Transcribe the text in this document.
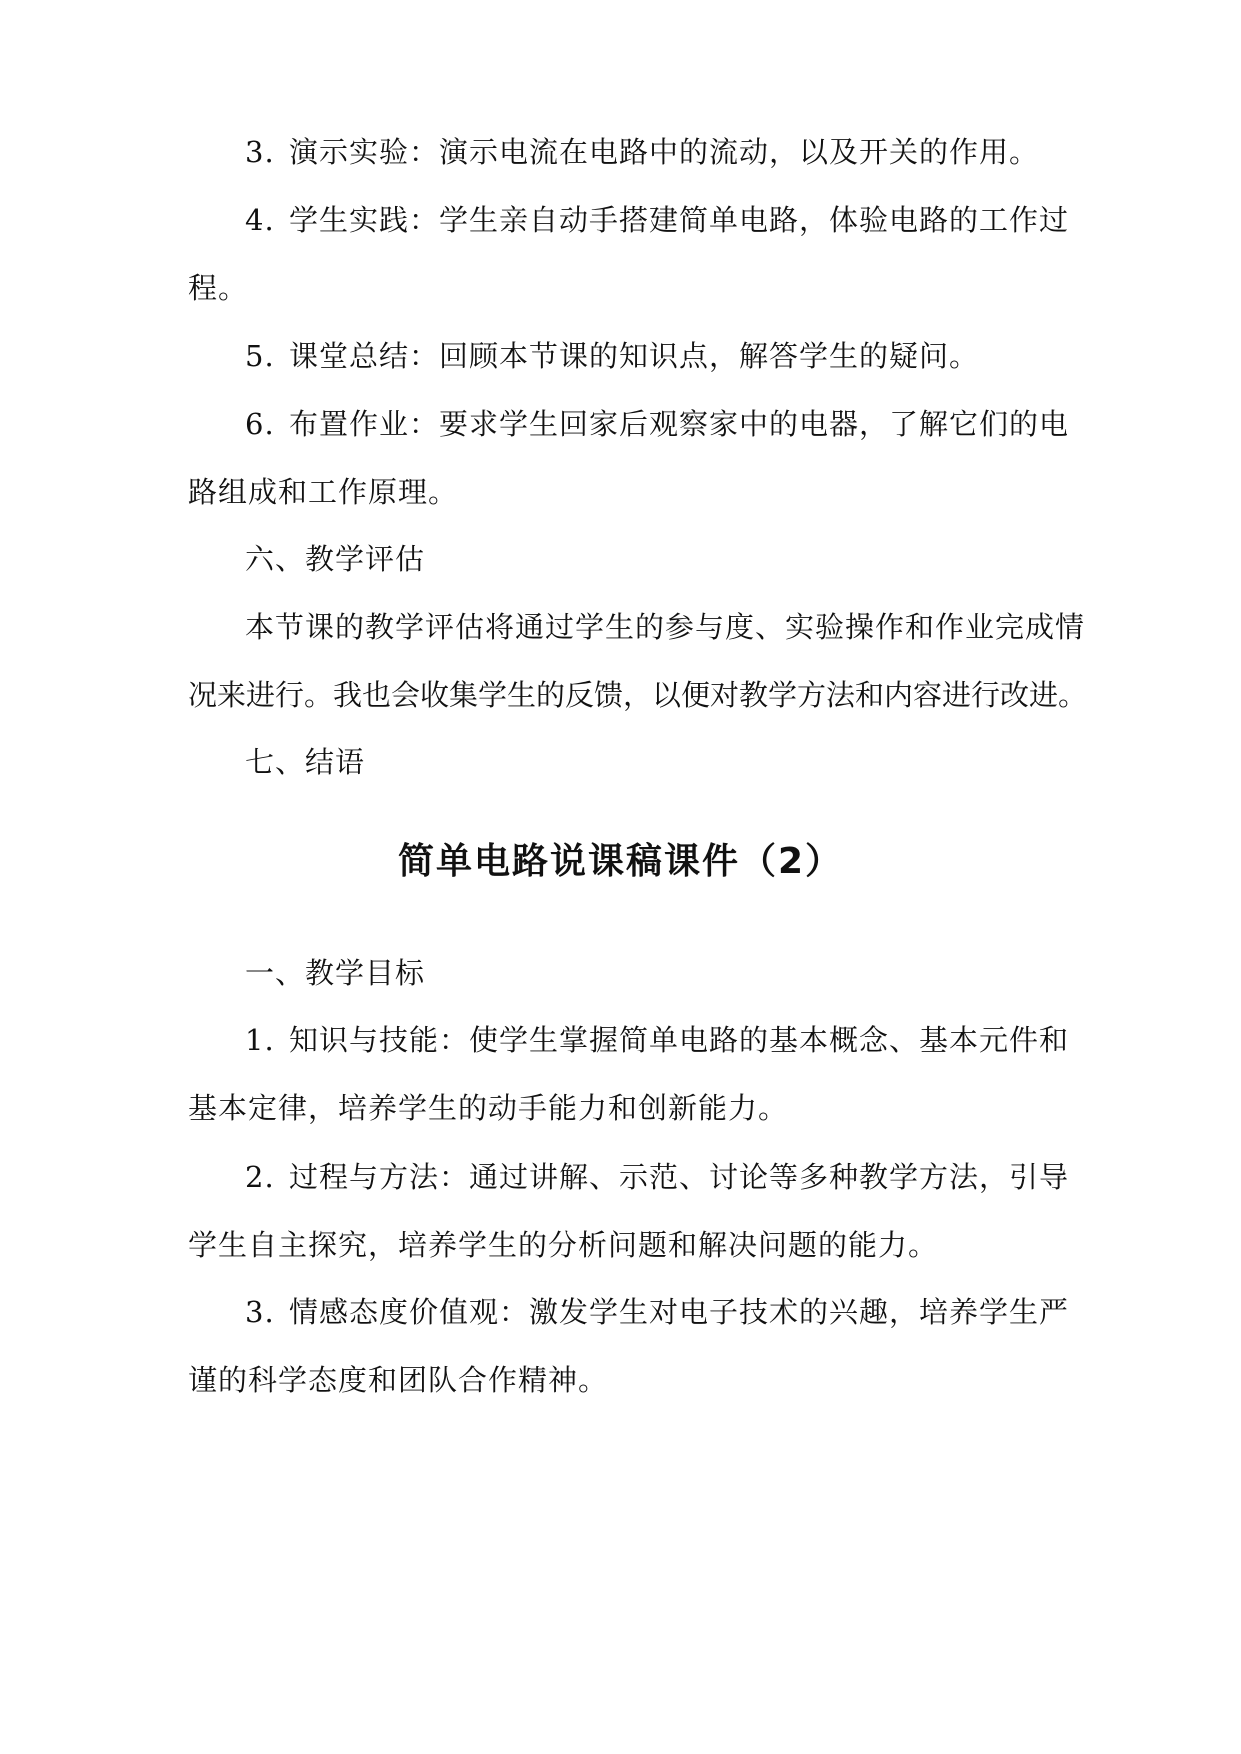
3. 演示实验：演示电流在电路中的流动，以及开关的作用。
4. 学生实践：学生亲自动手搭建简单电路，体验电路的工作过
程。
5. 课堂总结：回顾本节课的知识点，解答学生的疑问。
6. 布置作业：要求学生回家后观察家中的电器，了解它们的电
路组成和工作原理。
六、教学评估
本节课的教学评估将通过学生的参与度、实验操作和作业完成情
况来进行。我也会收集学生的反馈，以便对教学方法和内容进行改进。
七、结语
简单电路说课稿课件（2）
一、教学目标
1. 知识与技能：使学生掌握简单电路的基本概念、基本元件和
基本定律，培养学生的动手能力和创新能力。
2. 过程与方法：通过讲解、示范、讨论等多种教学方法，引导
学生自主探究，培养学生的分析问题和解决问题的能力。
3. 情感态度价值观：激发学生对电子技术的兴趣，培养学生严
谨的科学态度和团队合作精神。
